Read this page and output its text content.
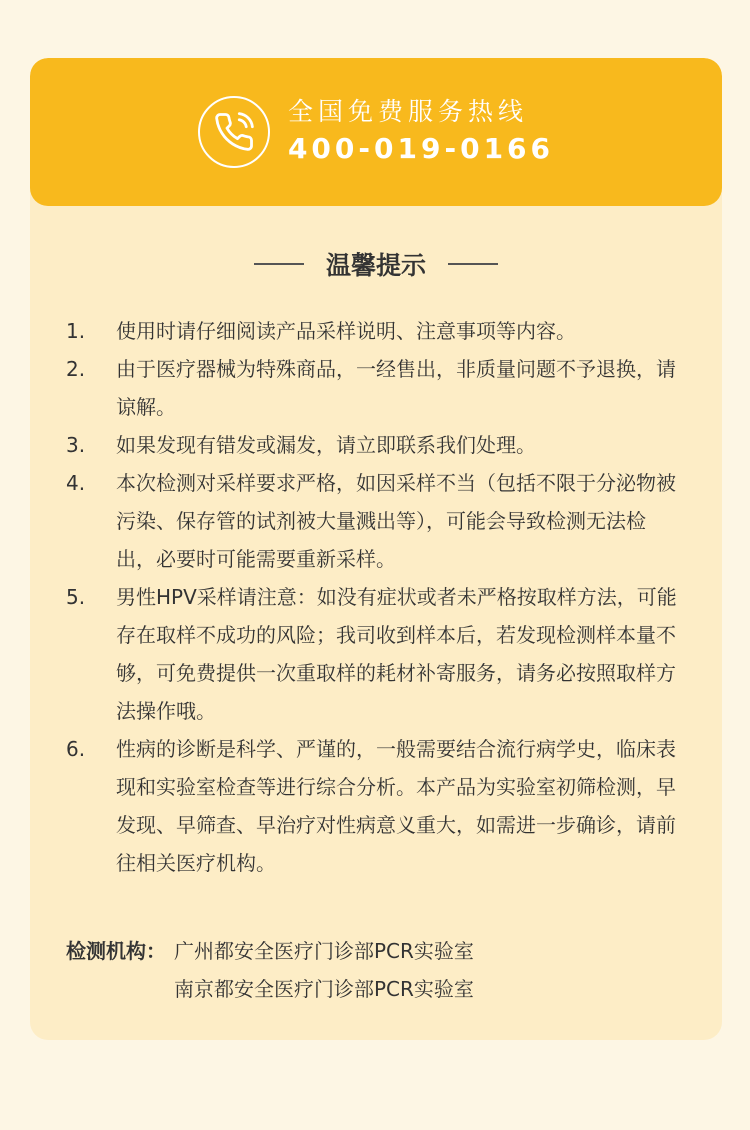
全国免费服务热线
400-019-0166
温馨提示
1.	使用时请仔细阅读产品采样说明、注意事项等内容。
2.	由于医疗器械为特殊商品，一经售出，非质量问题不予退换，请谅解。
3.	如果发现有错发或漏发，请立即联系我们处理。
4.	本次检测对采样要求严格，如因采样不当（包括不限于分泌物被污染、保存管的试剂被大量溅出等），可能会导致检测无法检出，必要时可能需要重新采样。
5.	男性HPV采样请注意：如没有症状或者未严格按取样方法，可能存在取样不成功的风险；我司收到样本后，若发现检测样本量不够，可免费提供一次重取样的耗材补寄服务，请务必按照取样方法操作哦。
6.	性病的诊断是科学、严谨的，一般需要结合流行病学史，临床表现和实验室检查等进行综合分析。本产品为实验室初筛检测，早发现、早筛查、早治疗对性病意义重大，如需进一步确诊，请前往相关医疗机构。
检测机构： 广州都安全医疗门诊部PCR实验室
南京都安全医疗门诊部PCR实验室
